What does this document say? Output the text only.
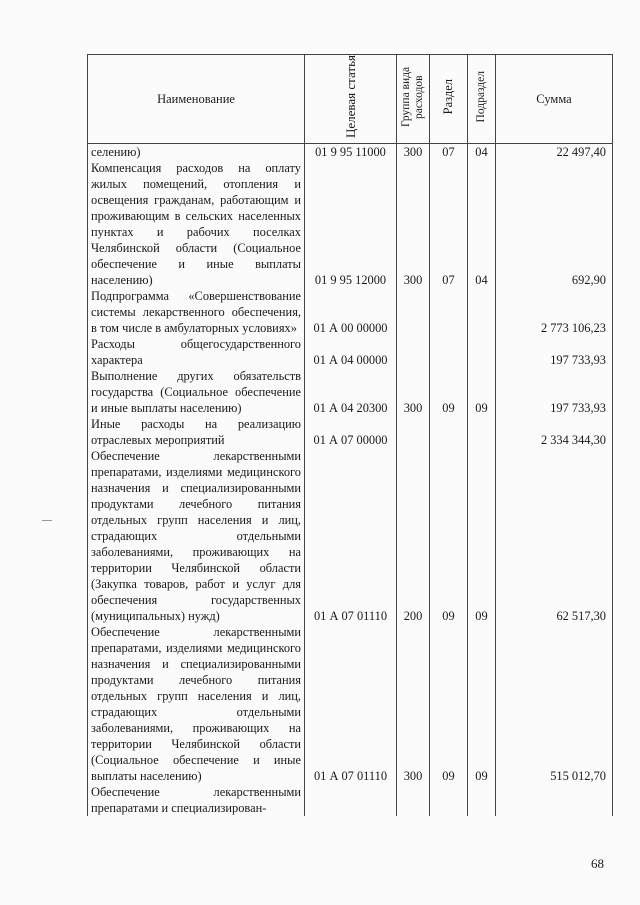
Наименование	Целевая статья	Группа вида расходов	Раздел	Подраздел	Сумма
селению)	01 9 95 11000	300	07	04	22 497,40
Компенсация расходов на оплату жилых помещений, отопления и освещения гражданам, работающим и проживающим в сельских населенных пунктах и рабочих поселках Челябинской области (Социальное обеспечение и иные выплаты населению)	01 9 95 12000	300	07	04	692,90
Подпрограмма «Совершенствование системы лекарственного обеспечения, в том числе в амбулаторных условиях»	01 А 00 00000				2 773 106,23
Расходы общегосударственного характера	01 А 04 00000				197 733,93
Выполнение других обязательств государства (Социальное обеспечение и иные выплаты населению)	01 А 04 20300	300	09	09	197 733,93
Иные расходы на реализацию отраслевых мероприятий	01 А 07 00000				2 334 344,30
Обеспечение лекарственными препаратами, изделиями медицинского назначения и специализированными продуктами лечебного питания отдельных групп населения и лиц, страдающих отдельными заболеваниями, проживающих на территории Челябинской области (Закупка товаров, работ и услуг для обеспечения государственных (муниципальных) нужд)	01 А 07 01110	200	09	09	62 517,30
Обеспечение лекарственными препаратами, изделиями медицинского назначения и специализированными продуктами лечебного питания отдельных групп населения и лиц, страдающих отдельными заболеваниями, проживающих на территории Челябинской области (Социальное обеспечение и иные выплаты населению)	01 А 07 01110	300	09	09	515 012,70
Обеспечение лекарственными препаратами и специализирован-					
68
